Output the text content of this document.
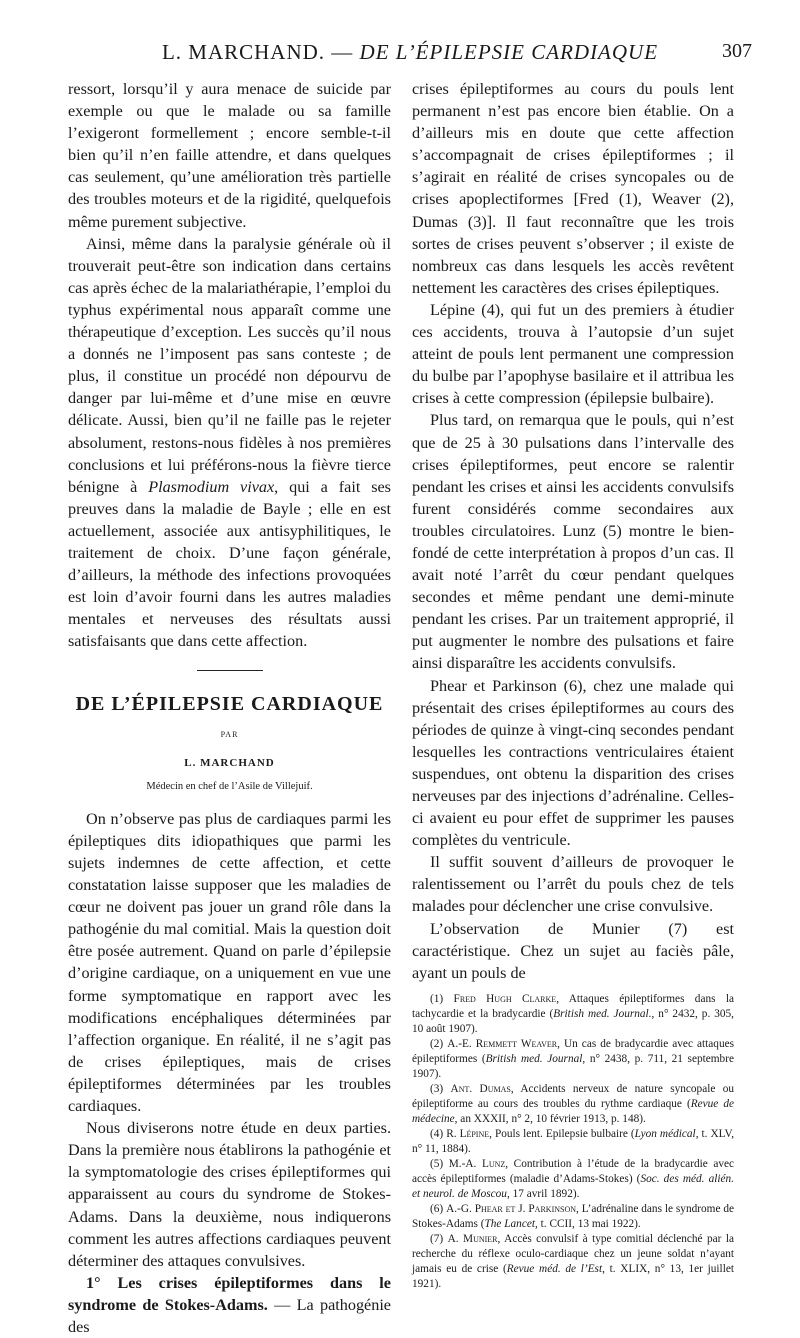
L. MARCHAND. — DE L’ÉPILEPSIE CARDIAQUE	307

ressort, lorsqu’il y aura menace de suicide par exemple ou que le malade ou sa famille l’exigeront formellement ; encore semble-t-il bien qu’il n’en faille attendre, et dans quelques cas seulement, qu’une amélioration très partielle des troubles moteurs et de la rigidité, quelquefois même purement subjective.

Ainsi, même dans la paralysie générale où il trouverait peut-être son indication dans certains cas après échec de la malariathérapie, l’emploi du typhus expérimental nous apparaît comme une thérapeutique d’exception. Les succès qu’il nous a donnés ne l’imposent pas sans conteste ; de plus, il constitue un procédé non dépourvu de danger par lui-même et d’une mise en œuvre délicate. Aussi, bien qu’il ne faille pas le rejeter absolument, restons-nous fidèles à nos premières conclusions et lui préférons-nous la fièvre tierce bénigne à Plasmodium vivax, qui a fait ses preuves dans la maladie de Bayle ; elle en est actuellement, associée aux antisyphilitiques, le traitement de choix. D’une façon générale, d’ailleurs, la méthode des infections provoquées est loin d’avoir fourni dans les autres maladies mentales et nerveuses des résultats aussi satisfaisants que dans cette affection.

DE L’ÉPILEPSIE CARDIAQUE
PAR
L. MARCHAND
Médecin en chef de l’Asile de Villejuif.

On n’observe pas plus de cardiaques parmi les épileptiques dits idiopathiques que parmi les sujets indemnes de cette affection, et cette constatation laisse supposer que les maladies de cœur ne doivent pas jouer un grand rôle dans la pathogénie du mal comitial. Mais la question doit être posée autrement. Quand on parle d’épilepsie d’origine cardiaque, on a uniquement en vue une forme symptomatique en rapport avec les modifications encéphaliques déterminées par l’affection organique. En réalité, il ne s’agit pas de crises épileptiques, mais de crises épileptiformes déterminées par les troubles cardiaques.

Nous diviserons notre étude en deux parties. Dans la première nous établirons la pathogénie et la symptomatologie des crises épileptiformes qui apparaissent au cours du syndrome de Stokes-Adams. Dans la deuxième, nous indiquerons comment les autres affections cardiaques peuvent déterminer des attaques convulsives.

1° Les crises épileptiformes dans le syndrome de Stokes-Adams. — La pathogénie des

crises épileptiformes au cours du pouls lent permanent n’est pas encore bien établie. On a d’ailleurs mis en doute que cette affection s’accompagnait de crises épileptiformes ; il s’agirait en réalité de crises syncopales ou de crises apoplectiformes [Fred (1), Weaver (2), Dumas (3)]. Il faut reconnaître que les trois sortes de crises peuvent s’observer ; il existe de nombreux cas dans lesquels les accès revêtent nettement les caractères des crises épileptiques.

Lépine (4), qui fut un des premiers à étudier ces accidents, trouva à l’autopsie d’un sujet atteint de pouls lent permanent une compression du bulbe par l’apophyse basilaire et il attribua les crises à cette compression (épilepsie bulbaire).

Plus tard, on remarqua que le pouls, qui n’est que de 25 à 30 pulsations dans l’intervalle des crises épileptiformes, peut encore se ralentir pendant les crises et ainsi les accidents convulsifs furent considérés comme secondaires aux troubles circulatoires. Lunz (5) montre le bien-fondé de cette interprétation à propos d’un cas. Il avait noté l’arrêt du cœur pendant quelques secondes et même pendant une demi-minute pendant les crises. Par un traitement approprié, il put augmenter le nombre des pulsations et faire ainsi disparaître les accidents convulsifs.

Phear et Parkinson (6), chez une malade qui présentait des crises épileptiformes au cours des périodes de quinze à vingt-cinq secondes pendant lesquelles les contractions ventriculaires étaient suspendues, ont obtenu la disparition des crises nerveuses par des injections d’adrénaline. Celles-ci avaient eu pour effet de supprimer les pauses complètes du ventricule.

Il suffit souvent d’ailleurs de provoquer le ralentissement ou l’arrêt du pouls chez de tels malades pour déclencher une crise convulsive.

L’observation de Munier (7) est caractéristique. Chez un sujet au faciès pâle, ayant un pouls de

(1) Fred Hugh Clarke, Attaques épileptiformes dans la tachycardie et la bradycardie (British med. Journal., n° 2432, p. 305, 10 août 1907).

(2) A.-E. Remmett Weaver, Un cas de bradycardie avec attaques épileptiformes (British med. Journal, n° 2438, p. 711, 21 septembre 1907).

(3) Ant. Dumas, Accidents nerveux de nature syncopale ou épileptiforme au cours des troubles du rythme cardiaque (Revue de médecine, an XXXII, n° 2, 10 février 1913, p. 148).

(4) R. Lépine, Pouls lent. Epilepsie bulbaire (Lyon médical, t. XLV, n° 11, 1884).

(5) M.-A. Lunz, Contribution à l’étude de la bradycardie avec accès épileptiformes (maladie d’Adams-Stokes) (Soc. des méd. alién. et neurol. de Moscou, 17 avril 1892).

(6) A.-G. Phear et J. Parkinson, L’adrénaline dans le syndrome de Stokes-Adams (The Lancet, t. CCII, 13 mai 1922).

(7) A. Munier, Accès convulsif à type comitial déclenché par la recherche du réflexe oculo-cardiaque chez un jeune soldat n’ayant jamais eu de crise (Revue méd. de l’Est, t. XLIX, n° 13, 1er juillet 1921).
